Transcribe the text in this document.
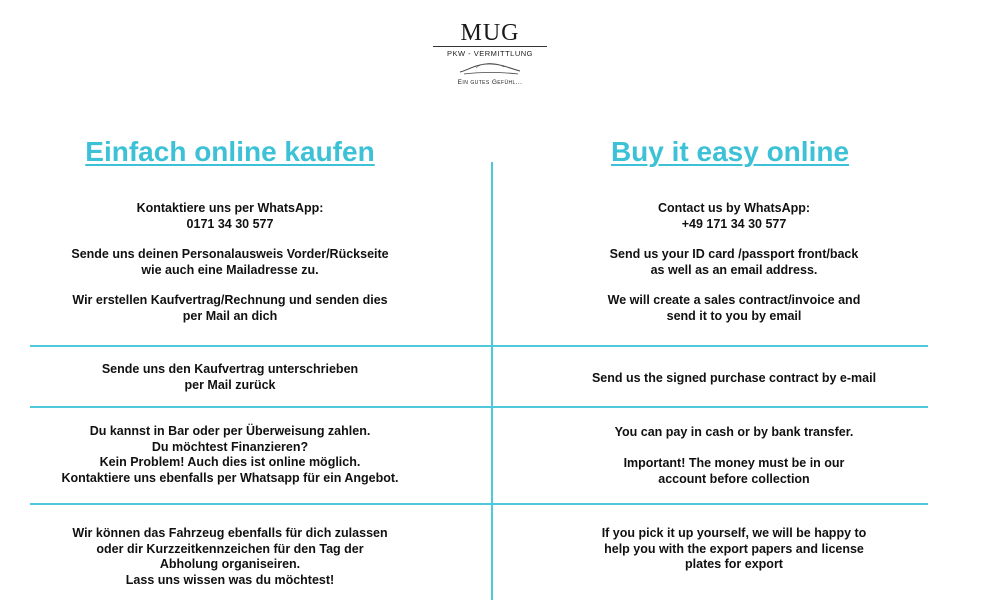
MUG
PKW - VERMITTLUNG
Ein gutes Gefühl...
Einfach online kaufen	Buy it easy online
Kontaktiere uns per WhatsApp:
0171 34 30 577
Sende uns deinen Personalausweis Vorder/Rückseite
wie auch eine Mailadresse zu.
Wir erstellen Kaufvertrag/Rechnung und senden dies
per Mail an dich
Sende uns den Kaufvertrag unterschrieben
per Mail zurück
Du kannst in Bar oder per Überweisung zahlen.
Du möchtest Finanzieren?
Kein Problem! Auch dies ist online möglich.
Kontaktiere uns ebenfalls per Whatsapp für ein Angebot.
Wir können das Fahrzeug ebenfalls für dich zulassen
oder dir Kurzzeitkennzeichen für den Tag der
Abholung organiseiren.
Lass uns wissen was du möchtest!
Contact us by WhatsApp:
+49 171 34 30 577
Send us your ID card /passport front/back
as well as an email address.
We will create a sales contract/invoice and
send it to you by email
Send us the signed purchase contract by e-mail
You can pay in cash or by bank transfer.
Important! The money must be in our
account before collection
If you pick it up yourself, we will be happy to
help you with the export papers and license
plates for export
